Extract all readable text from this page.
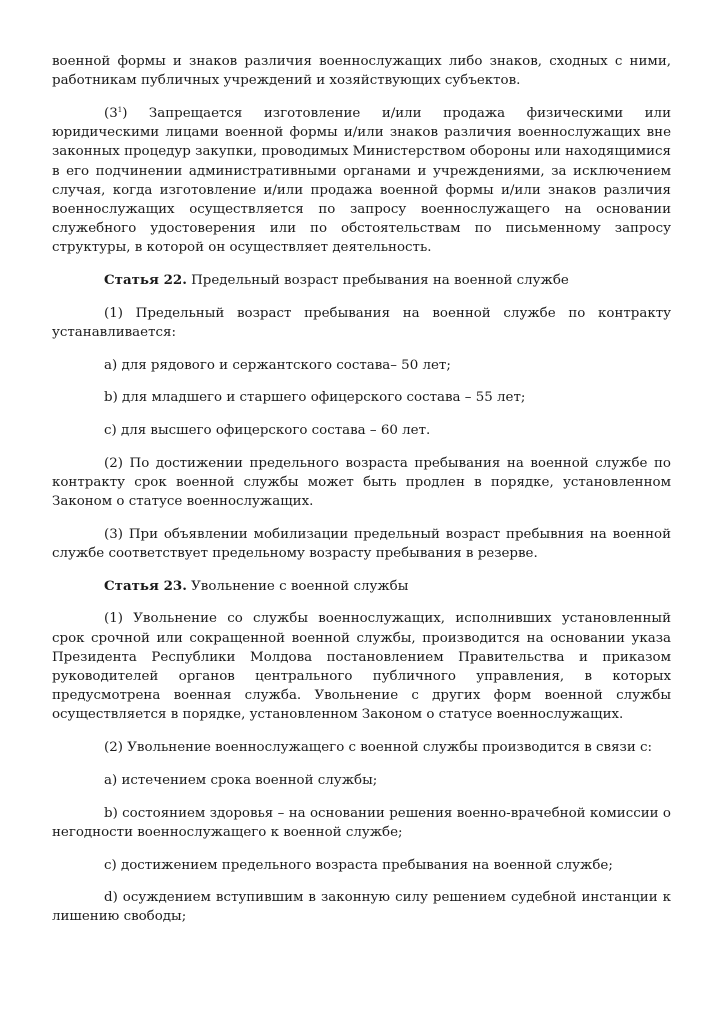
военной формы и знаков различия военнослужащих либо знаков, сходных с ними, работникам публичных учреждений и хозяйствующих субъектов.

$(3^1)$ Запрещается изготовление и/или продажа физическими или юридическими лицами военной формы и/или знаков различия военнослужащих вне законных процедур закупки, проводимых Министерством обороны или находящимися в его подчинении административными органами и учреждениями, за исключением случая, когда изготовление и/или продажа военной формы и/или знаков различия военнослужащих осуществляется по запросу военнослужащего на основании служебного удостоверения или по обстоятельствам по письменному запросу структуры, в которой он осуществляет деятельность.

Статья 22. Предельный возраст пребывания на военной службе

(1) Предельный возраст пребывания на военной службе по контракту устанавливается:

a) для рядового и сержантского состава– 50 лет;

b) для младшего и старшего офицерского состава – 55 лет;

c) для высшего офицерского состава – 60 лет.

(2) По достижении предельного возраста пребывания на военной службе по контракту срок военной службы может быть продлен в порядке, установленном Законом о статусе военнослужащих.

(3) При объявлении мобилизации предельный возраст пребывния на военной службе соответствует предельному возрасту пребывания в резерве.

Статья 23. Увольнение с военной службы

(1) Увольнение со службы военнослужащих, исполнивших установленный срок срочной или сокращенной военной службы, производится на основании указа Президента Республики Молдова постановлением Правительства и приказом руководителей органов центрального публичного управления, в которых предусмотрена военная служба. Увольнение с других форм военной службы осуществляется в порядке, установленном Законом о статусе военнослужащих.

(2) Увольнение военнослужащего с военной службы производится в связи с:

a) истечением срока военной службы;

b) состоянием здоровья – на основании решения военно-врачебной комиссии о негодности военнослужащего к военной службе;

c) достижением предельного возраста пребывания на военной службе;

d) осуждением вступившим в законную силу решением судебной инстанции к лишению свободы;
